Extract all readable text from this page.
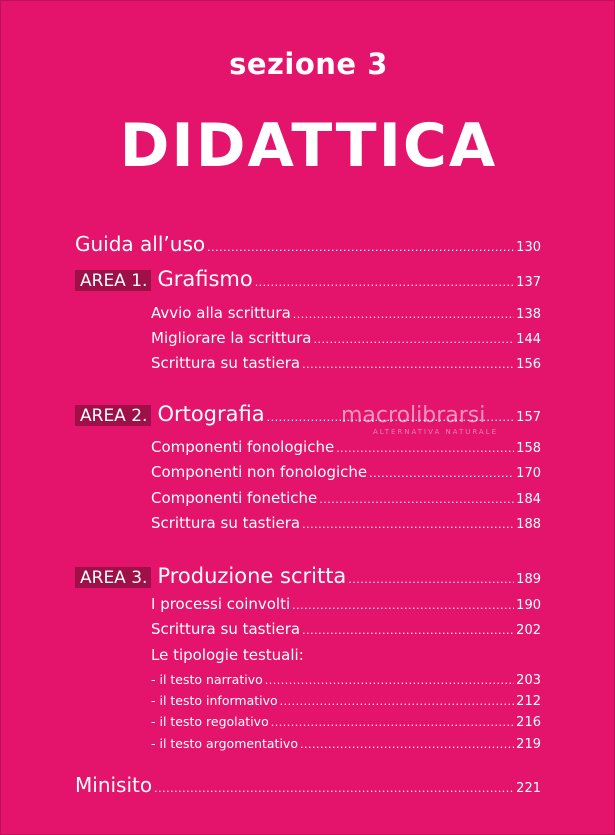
sezione 3
DIDATTICA
Guida all’uso .....	130
AREA 1. Grafismo .....	137
Avvio alla scrittura .....	138
Migliorare la scrittura .....	144
Scrittura su tastiera .....	156
AREA 2. Ortografia .....	157
Componenti fonologiche .....	158
Componenti non fonologiche .....	170
Componenti fonetiche .....	184
Scrittura su tastiera .....	188
AREA 3. Produzione scritta .....	189
I processi coinvolti .....	190
Scrittura su tastiera .....	202
Le tipologie testuali:
- il testo narrativo .....	203
- il testo informativo .....	212
- il testo regolativo .....	216
- il testo argomentativo .....	219
Minisito .....	221
macrolibrarsi
ALTERNATIVA NATURALE
